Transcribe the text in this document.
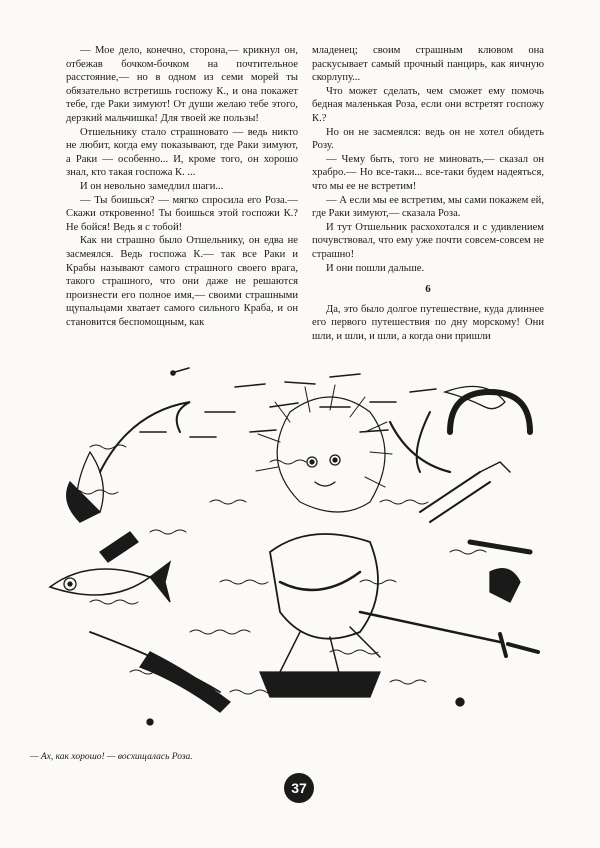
— Мое дело, конечно, сторона,— крикнул он, отбежав бочком-бочком на почтительное расстояние,— но в одном из семи морей ты обязательно встретишь госпожу К., и она покажет тебе, где Раки зимуют! От души желаю тебе этого, дерзкий мальчишка! Для твоей же пользы!

Отшельнику стало страшновато — ведь никто не любит, когда ему показывают, где Раки зимуют, а Раки — особенно... И, кроме того, он хорошо знал, кто такая госпожа К. ...

И он невольно замедлил шаги...

— Ты боишься? — мягко спросила его Роза.— Скажи откровенно! Ты боишься этой госпожи К.? Не бойся! Ведь я с тобой!

Как ни страшно было Отшельнику, он едва не засмеялся. Ведь госпожа К.— так все Раки и Крабы называют самого страшного своего врага, такого страшного, что они даже не решаются произнести его полное имя,— своими страшными щупальцами хватает самого сильного Краба, и он становится беспомощным, как

младенец; своим страшным клювом она раскусывает самый прочный панцирь, как яичную скорлупу...

Что может сделать, чем сможет ему помочь бедная маленькая Роза, если они встретят госпожу К.?

Но он не засмеялся: ведь он не хотел обидеть Розу.

— Чему быть, того не миновать,— сказал он храбро.— Но все-таки... все-таки будем надеяться, что мы ее не встретим!

— А если мы ее встретим, мы сами покажем ей, где Раки зимуют,— сказала Роза.

И тут Отшельник расхохотался и с удивлением почувствовал, что ему уже почти совсем-совсем не страшно!

И они пошли дальше.

6

Да, это было долгое путешествие, куда длиннее его первого путешествия по дну морскому! Они шли, и шли, и шли, а когда они пришли

— Ах, как хорошо! — восхищалась Роза.
37
